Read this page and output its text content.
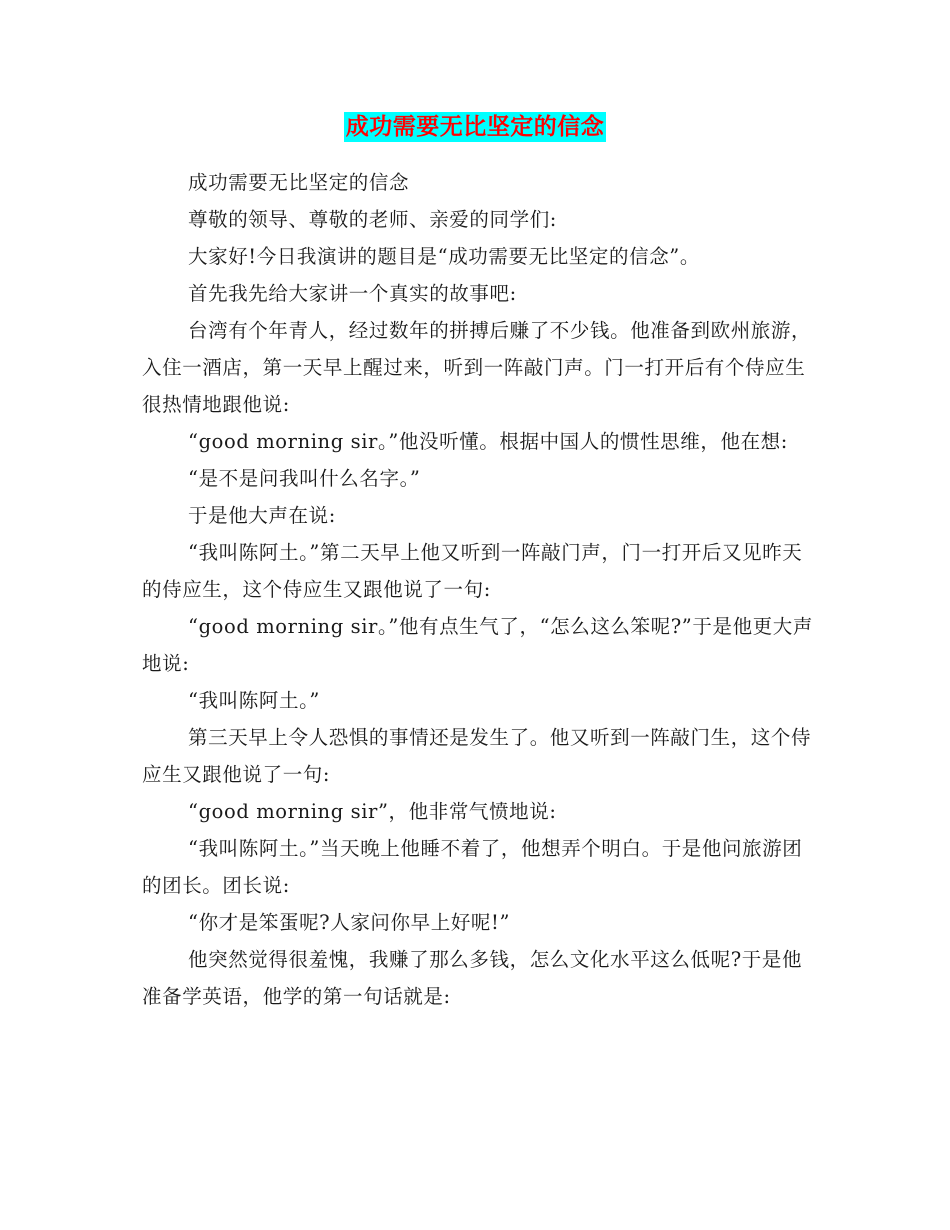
成功需要无比坚定的信念

成功需要无比坚定的信念

尊敬的领导、尊敬的老师、亲爱的同学们:

大家好!今日我演讲的题目是“成功需要无比坚定的信念”。

首先我先给大家讲一个真实的故事吧:

台湾有个年青人，经过数年的拼搏后赚了不少钱。他准备到欧州旅游，入住一酒店，第一天早上醒过来，听到一阵敲门声。门一打开后有个侍应生很热情地跟他说:

“good morning sir。”他没听懂。根据中国人的惯性思维，他在想:

“是不是问我叫什么名字。”

于是他大声在说:

“我叫陈阿土。”第二天早上他又听到一阵敲门声，门一打开后又见昨天的侍应生，这个侍应生又跟他说了一句:

“good morning sir。”他有点生气了，“怎么这么笨呢?”于是他更大声地说:

“我叫陈阿土。”

第三天早上令人恐惧的事情还是发生了。他又听到一阵敲门生，这个侍应生又跟他说了一句:

“good morning sir”，他非常气愤地说:

“我叫陈阿土。”当天晚上他睡不着了，他想弄个明白。于是他问旅游团的团长。团长说:

“你才是笨蛋呢?人家问你早上好呢!”

他突然觉得很羞愧，我赚了那么多钱，怎么文化水平这么低呢?于是他准备学英语，他学的第一句话就是:
